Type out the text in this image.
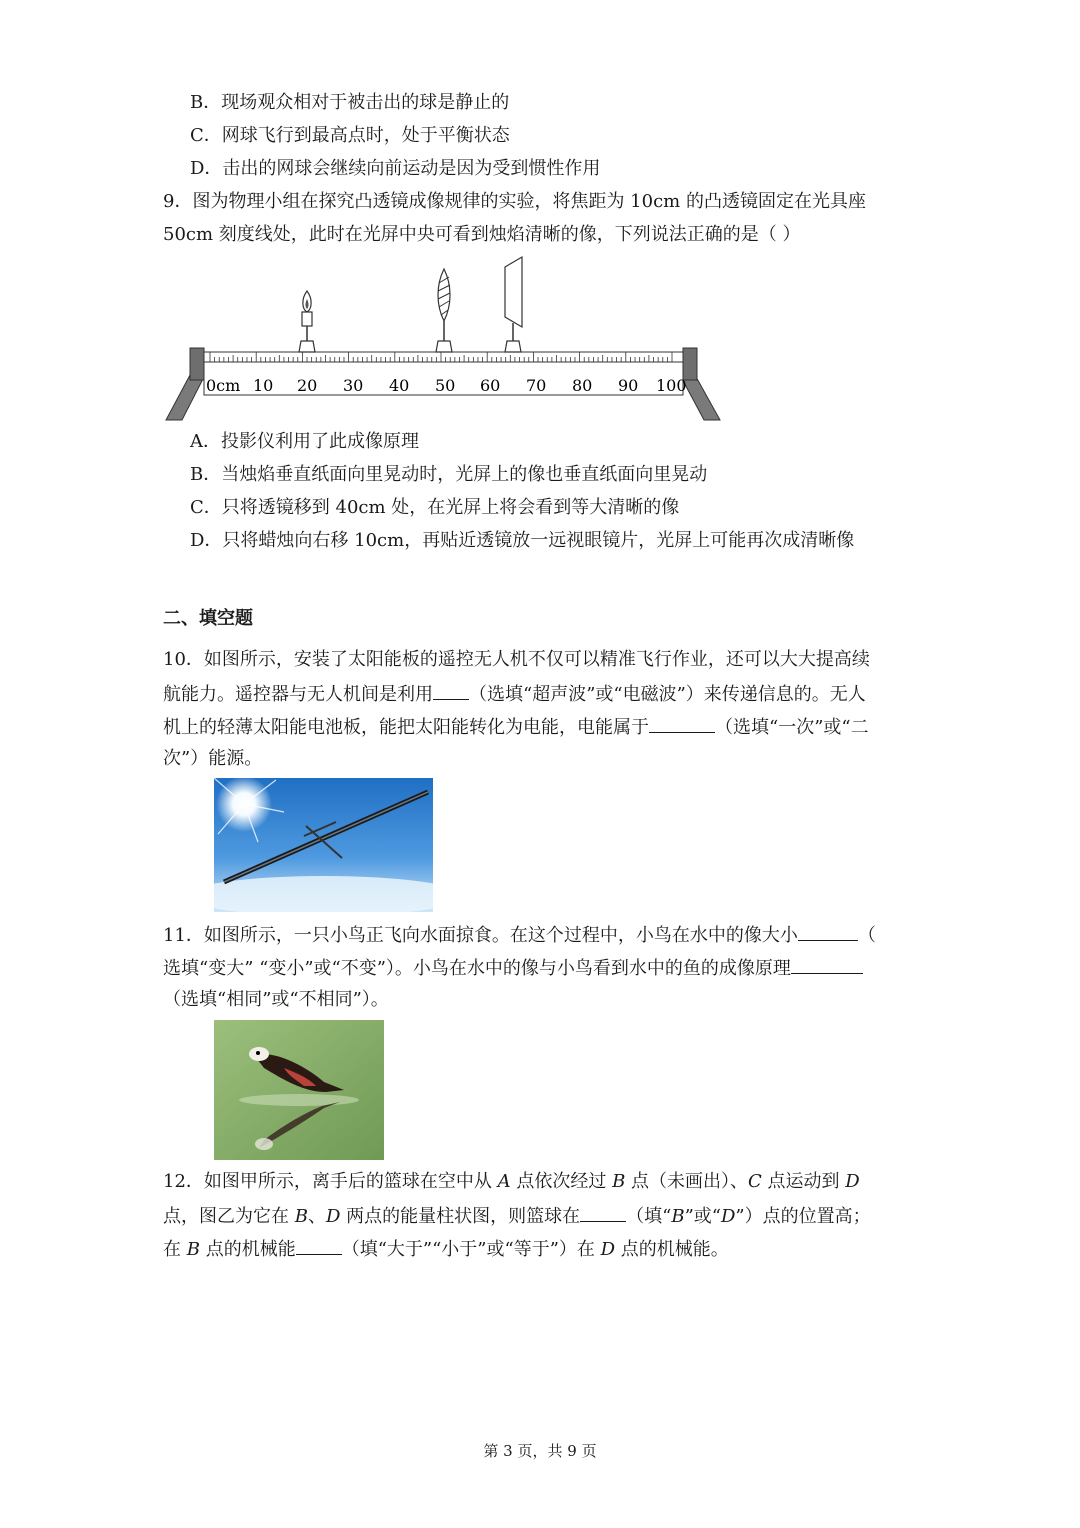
B．现场观众相对于被击出的球是静止的
C．网球飞行到最高点时，处于平衡状态
D．击出的网球会继续向前运动是因为受到惯性作用
9．图为物理小组在探究凸透镜成像规律的实验，将焦距为 10cm 的凸透镜固定在光具座
50cm 刻度线处，此时在光屏中央可看到烛焰清晰的像，下列说法正确的是（ ）
0cm 10 20 30 40 50 60 70 80 90 100
A．投影仪利用了此成像原理
B．当烛焰垂直纸面向里晃动时，光屏上的像也垂直纸面向里晃动
C．只将透镜移到 40cm 处，在光屏上将会看到等大清晰的像
D．只将蜡烛向右移 10cm，再贴近透镜放一远视眼镜片，光屏上可能再次成清晰像
二、填空题
10．如图所示，安装了太阳能板的遥控无人机不仅可以精准飞行作业，还可以大大提高续
航能力。遥控器与无人机间是利用 （选填“超声波”或“电磁波”）来传递信息的。无人
机上的轻薄太阳能电池板，能把太阳能转化为电能，电能属于	（选填“一次”或“二
次”）能源。
11．如图所示，一只小鸟正飞向水面掠食。在这个过程中，小鸟在水中的像大小	（
选填“变大” “变小”或“不变”）。小鸟在水中的像与小鸟看到水中的鱼的成像原理
（选填“相同”或“不相同”）。
12．如图甲所示，离手后的篮球在空中从 A 点依次经过 B 点（未画出）、C 点运动到 D
点，图乙为它在 B、D 两点的能量柱状图，则篮球在	（填“B”或“D”）点的位置高；
在 B 点的机械能	（填“大于”“小于”或“等于”）在 D 点的机械能。
第 3 页，共 9 页
